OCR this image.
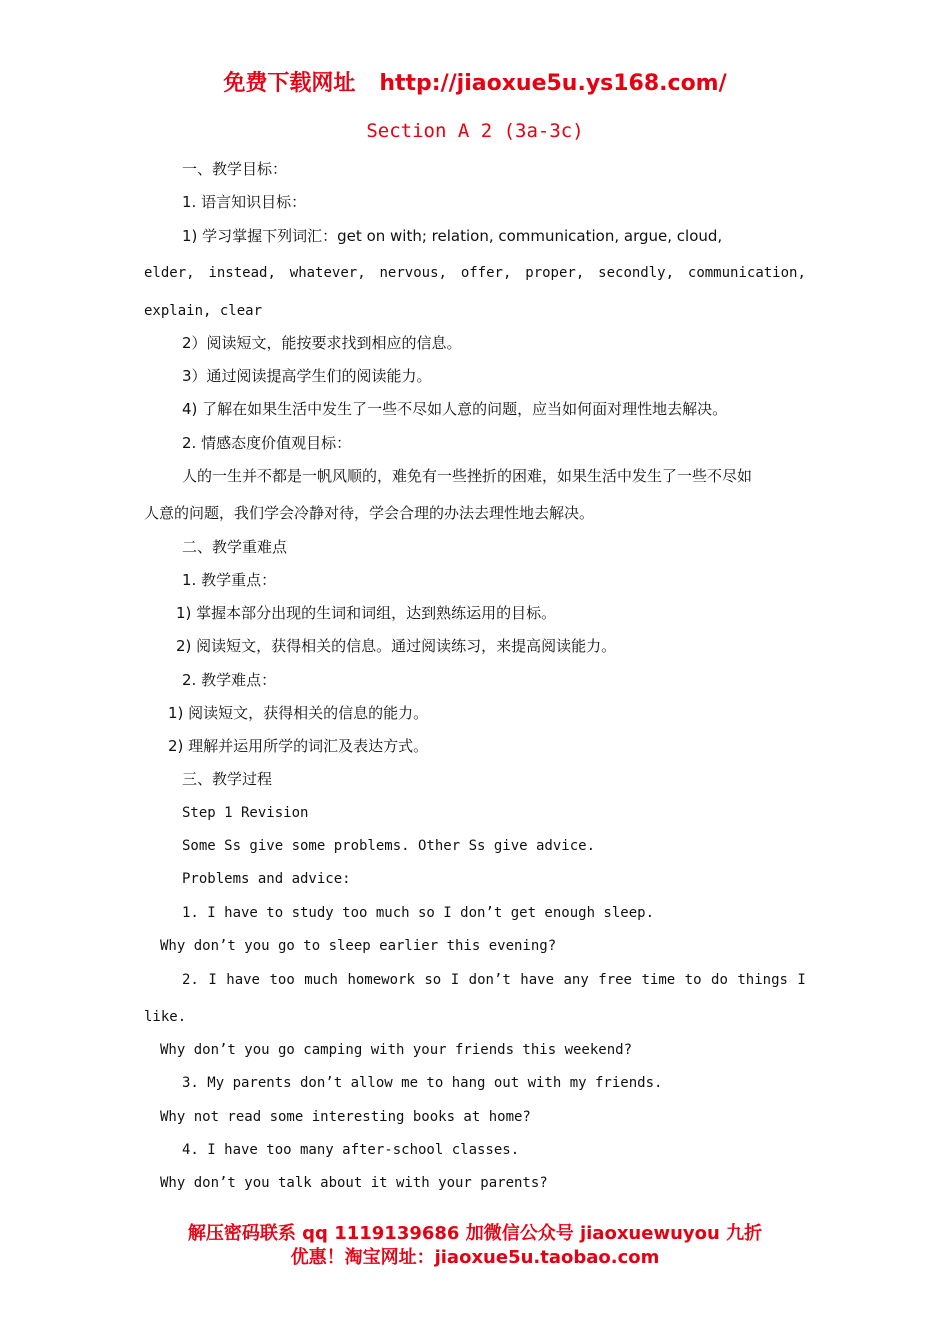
免费下载网址 http://jiaoxue5u.ys168.com/
Section A 2 (3a-3c)
一、教学目标：
1. 语言知识目标：
1) 学习掌握下列词汇：get on with; relation, communication, argue, cloud,
elder, instead, whatever, nervous, offer, proper, secondly, communication,
explain, clear
2）阅读短文，能按要求找到相应的信息。
3）通过阅读提高学生们的阅读能力。
4) 了解在如果生活中发生了一些不尽如人意的问题，应当如何面对理性地去解决。
2. 情感态度价值观目标：
人的一生并不都是一帆风顺的，难免有一些挫折的困难，如果生活中发生了一些不尽如
人意的问题，我们学会冷静对待，学会合理的办法去理性地去解决。
二、教学重难点
1. 教学重点：
1) 掌握本部分出现的生词和词组，达到熟练运用的目标。
2) 阅读短文，获得相关的信息。通过阅读练习，来提高阅读能力。
2. 教学难点：
1) 阅读短文，获得相关的信息的能力。
2) 理解并运用所学的词汇及表达方式。
三、教学过程
Step 1 Revision
Some Ss give some problems. Other Ss give advice.
Problems and advice:
1. I have to study too much so I don’t get enough sleep.
Why don’t you go to sleep earlier this evening?
2. I have too much homework so I don’t have any free time to do things I
like.
Why don’t you go camping with your friends this weekend?
3. My parents don’t allow me to hang out with my friends.
Why not read some interesting books at home?
4. I have too many after-school classes.
Why don’t you talk about it with your parents?
解压密码联系 qq 1119139686 加微信公众号 jiaoxuewuyou 九折
优惠！淘宝网址：jiaoxue5u.taobao.com
